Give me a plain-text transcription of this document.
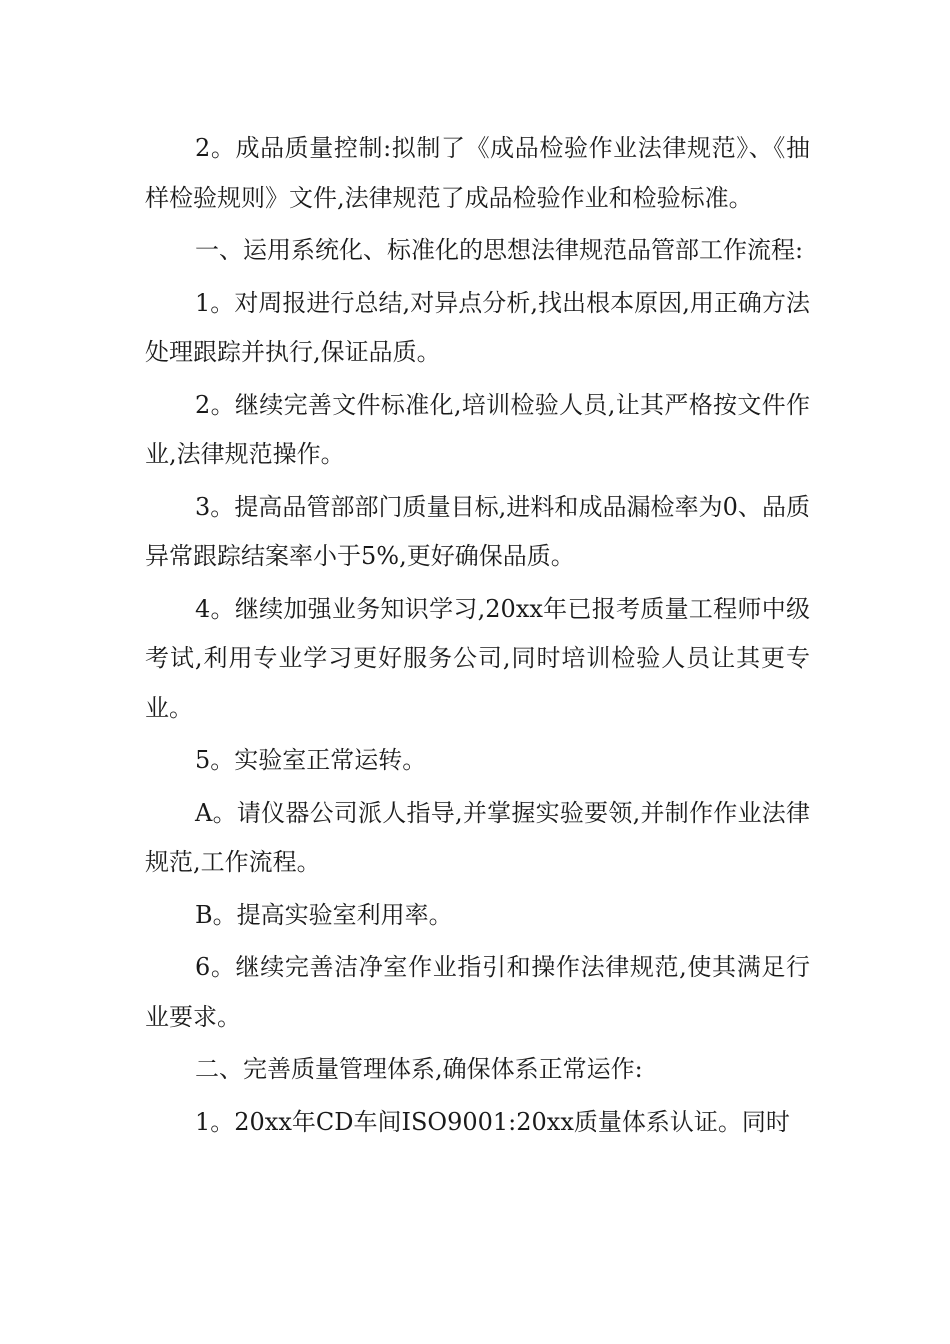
2。成品质量控制:拟制了《成品检验作业法律规范》、《抽样检验规则》文件,法律规范了成品检验作业和检验标准。

一、运用系统化、标准化的思想法律规范品管部工作流程:

1。对周报进行总结,对异点分析,找出根本原因,用正确方法处理跟踪并执行,保证品质。

2。继续完善文件标准化,培训检验人员,让其严格按文件作业,法律规范操作。

3。提高品管部部门质量目标,进料和成品漏检率为0、品质异常跟踪结案率小于5%,更好确保品质。

4。继续加强业务知识学习,20xx年已报考质量工程师中级考试,利用专业学习更好服务公司,同时培训检验人员让其更专业。

5。实验室正常运转。

A。请仪器公司派人指导,并掌握实验要领,并制作作业法律规范,工作流程。

B。提高实验室利用率。

6。继续完善洁净室作业指引和操作法律规范,使其满足行业要求。

二、完善质量管理体系,确保体系正常运作:

1。20xx年CD车间ISO9001:20xx质量体系认证。同时
